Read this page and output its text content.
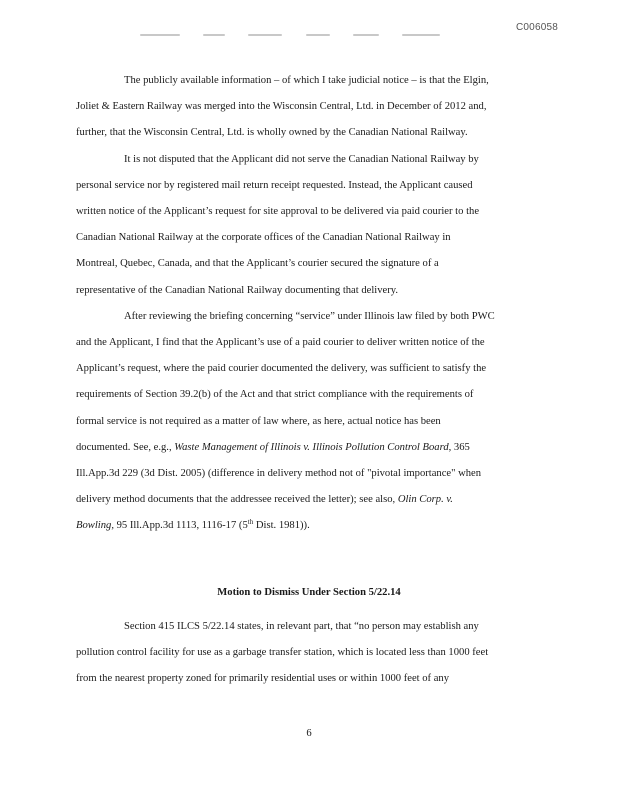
C006058
The publicly available information – of which I take judicial notice – is that the Elgin,
Joliet & Eastern Railway was merged into the Wisconsin Central, Ltd. in December of 2012 and,
further, that the Wisconsin Central, Ltd. is wholly owned by the Canadian National Railway.
It is not disputed that the Applicant did not serve the Canadian National Railway by
personal service nor by registered mail return receipt requested. Instead, the Applicant caused
written notice of the Applicant’s request for site approval to be delivered via paid courier to the
Canadian National Railway at the corporate offices of the Canadian National Railway in
Montreal, Quebec, Canada, and that the Applicant’s courier secured the signature of a
representative of the Canadian National Railway documenting that delivery.
After reviewing the briefing concerning “service” under Illinois law filed by both PWC
and the Applicant, I find that the Applicant’s use of a paid courier to deliver written notice of the
Applicant’s request, where the paid courier documented the delivery, was sufficient to satisfy the
requirements of Section 39.2(b) of the Act and that strict compliance with the requirements of
formal service is not required as a matter of law where, as here, actual notice has been
documented. See, e.g., Waste Management of Illinois v. Illinois Pollution Control Board, 365
Ill.App.3d 229 (3d Dist. 2005) (difference in delivery method not of "pivotal importance" when
delivery method documents that the addressee received the letter); see also, Olin Corp. v.
Bowling, 95 Ill.App.3d 1113, 1116-17 (5th Dist. 1981)).
Motion to Dismiss Under Section 5/22.14
Section 415 ILCS 5/22.14 states, in relevant part, that “no person may establish any
pollution control facility for use as a garbage transfer station, which is located less than 1000 feet
from the nearest property zoned for primarily residential uses or within 1000 feet of any
6
